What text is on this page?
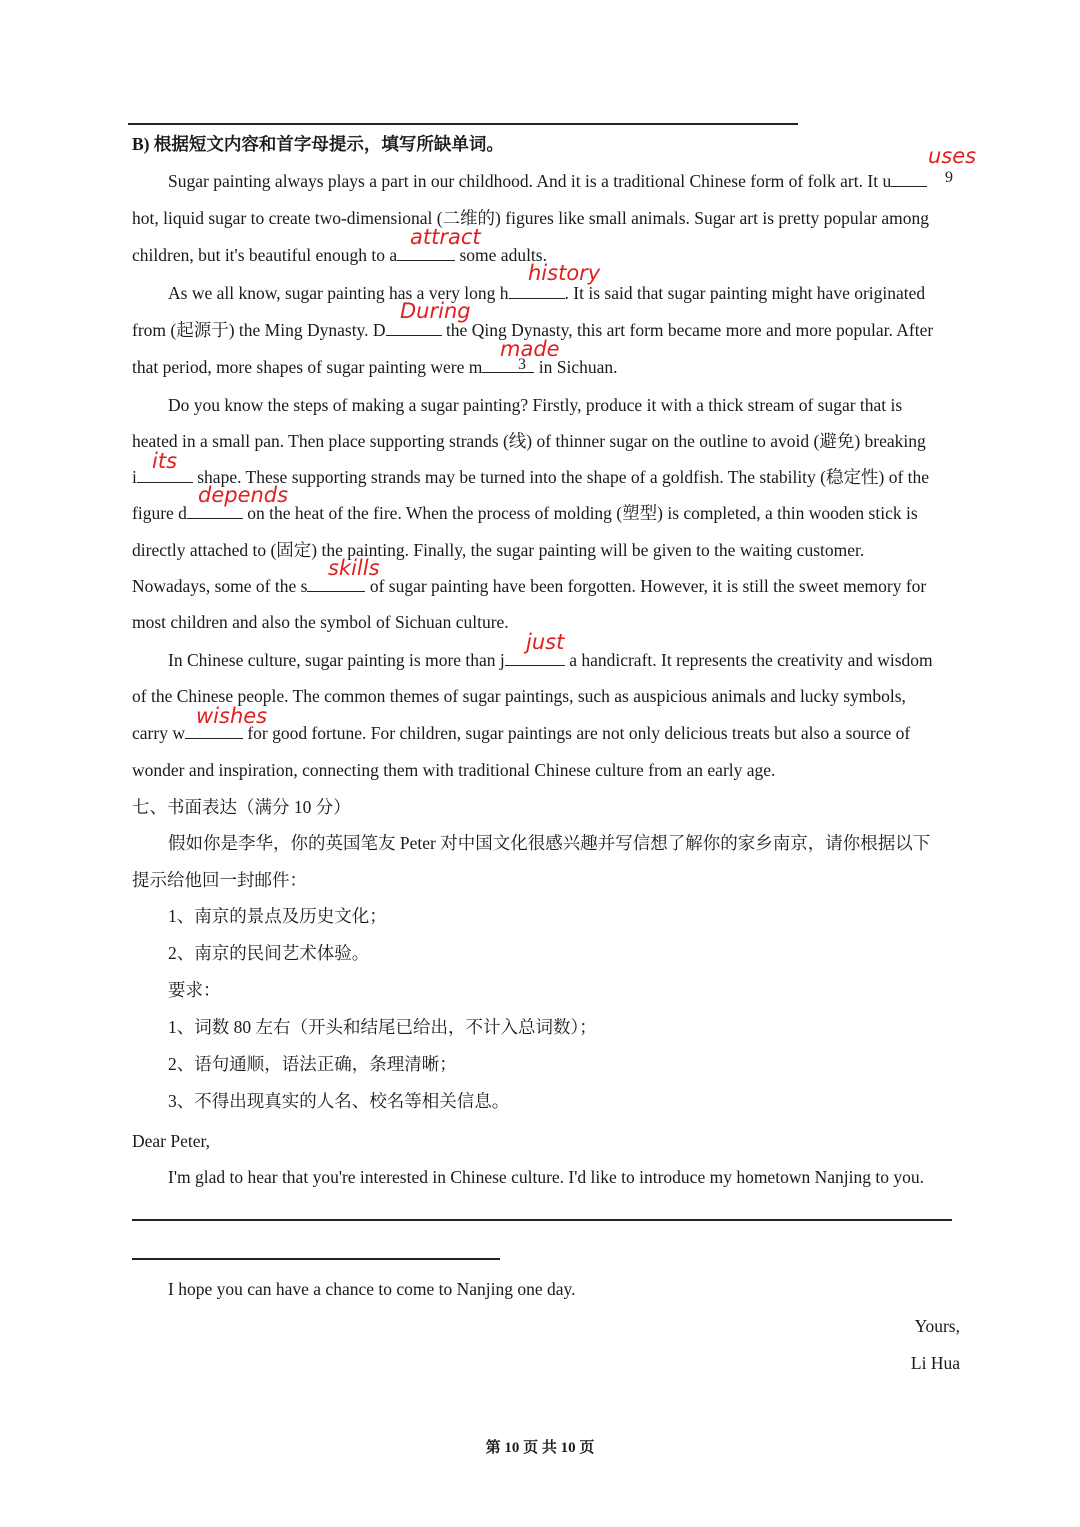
B) 根据短文内容和首字母提示，填写所缺单词。
Sugar painting always plays a part in our childhood. And it is a traditional Chinese form of folk art. It u	9
uses
hot, liquid sugar to create two-dimensional (二维的) figures like small animals. Sugar art is pretty popular among
children, but it's beautiful enough to a	some adults.
attract
As we all know, sugar painting has a very long h	. It is said that sugar painting might have originated
history
from (起源于) the Ming Dynasty. D	the Qing Dynasty, this art form became more and more popular. After
During
that period, more shapes of sugar painting were m	in Sichuan.
3
made
Do you know the steps of making a sugar painting? Firstly, produce it with a thick stream of sugar that is
heated in a small pan. Then place supporting strands (线) of thinner sugar on the outline to avoid (避免) breaking
i	shape. These supporting strands may be turned into the shape of a goldfish. The stability (稳定性) of the
its
figure d	on the heat of the fire. When the process of molding (塑型) is completed, a thin wooden stick is
depends
directly attached to (固定) the painting. Finally, the sugar painting will be given to the waiting customer.
Nowadays, some of the s	of sugar painting have been forgotten. However, it is still the sweet memory for
skills
most children and also the symbol of Sichuan culture.
In Chinese culture, sugar painting is more than j	a handicraft. It represents the creativity and wisdom
just
of the Chinese people. The common themes of sugar paintings, such as auspicious animals and lucky symbols,
carry w	for good fortune. For children, sugar paintings are not only delicious treats but also a source of
wishes
wonder and inspiration, connecting them with traditional Chinese culture from an early age.
七、书面表达（满分 10 分）
假如你是李华，你的英国笔友 Peter 对中国文化很感兴趣并写信想了解你的家乡南京，请你根据以下
提示给他回一封邮件：
1、南京的景点及历史文化；
2、南京的民间艺术体验。
要求：
1、词数 80 左右（开头和结尾已给出，不计入总词数）；
2、语句通顺，语法正确，条理清晰；
3、不得出现真实的人名、校名等相关信息。
Dear Peter,
I'm glad to hear that you're interested in Chinese culture. I'd like to introduce my hometown Nanjing to you.
I hope you can have a chance to come to Nanjing one day.
Yours,
Li Hua
第 10 页 共 10 页
